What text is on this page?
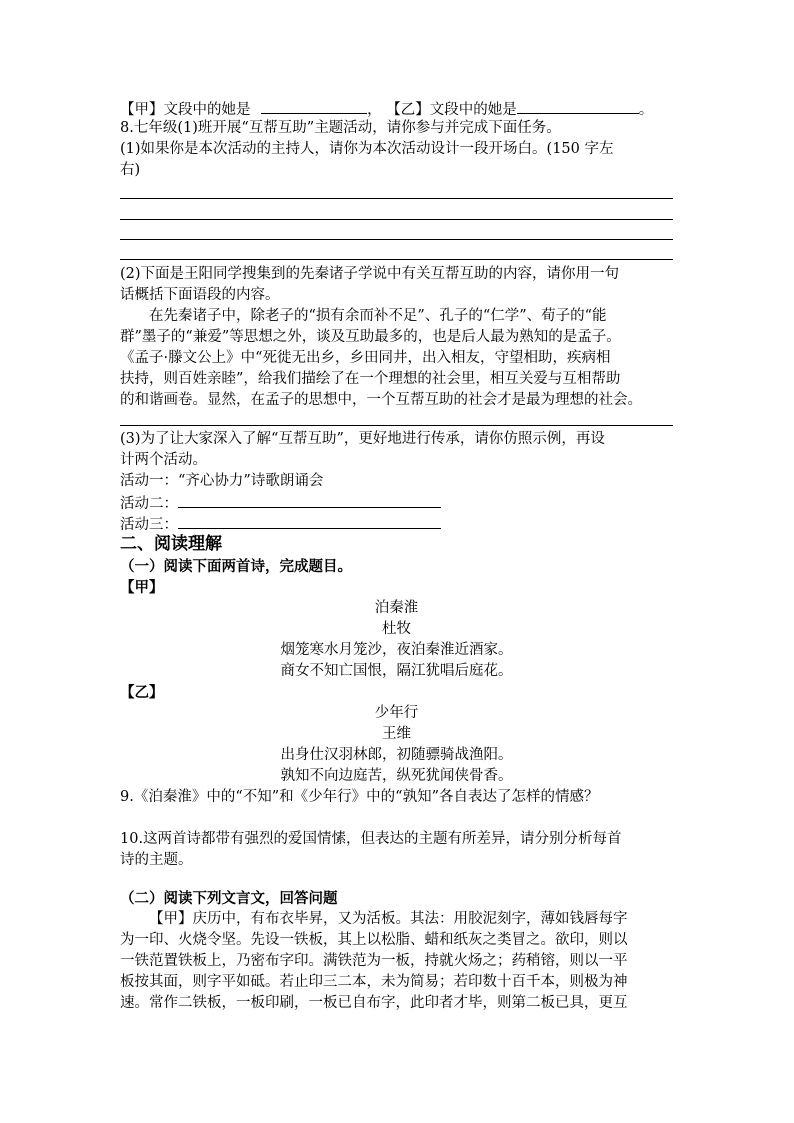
【甲】文段中的她是	， 【乙】文段中的她是	。
8.七年级(1)班开展“互帮互助”主题活动，请你参与并完成下面任务。
(1)如果你是本次活动的主持人，请你为本次活动设计一段开场白。(150 字左
右)
(2)下面是王阳同学搜集到的先秦诸子学说中有关互帮互助的内容，请你用一句
话概括下面语段的内容。
在先秦诸子中，除老子的“损有余而补不足”、孔子的“仁学”、荀子的“能
群”墨子的“兼爱”等思想之外，谈及互助最多的，也是后人最为熟知的是孟子。
《孟子·滕文公上》中“死徙无出乡，乡田同井，出入相友，守望相助，疾病相
扶持，则百姓亲睦”，给我们描绘了在一个理想的社会里，相互关爱与互相帮助
的和谐画卷。显然，在孟子的思想中，一个互帮互助的社会才是最为理想的社会。
(3)为了让大家深入了解“互帮互助”，更好地进行传承，请你仿照示例，再设
计两个活动。
活动一：“齐心协力”诗歌朗诵会
活动二：
活动三：
二、阅读理解
（一）阅读下面两首诗，完成题目。
【甲】
泊秦淮
杜牧
烟笼寒水月笼沙，夜泊秦淮近酒家。
商女不知亡国恨，隔江犹唱后庭花。
【乙】
少年行
王维
出身仕汉羽林郎，初随骠骑战渔阳。
孰知不向边庭苦，纵死犹闻侠骨香。
9.《泊秦淮》中的“不知”和《少年行》中的“孰知”各自表达了怎样的情感？
10.这两首诗都带有强烈的爱国情愫，但表达的主题有所差异，请分别分析每首
诗的主题。
（二）阅读下列文言文，回答问题
【甲】庆历中，有布衣毕昇，又为活板。其法：用胶泥刻字，薄如钱唇每字
为一印、火烧令坚。先设一铁板，其上以松脂、蜡和纸灰之类冒之。欲印，则以
一铁范置铁板上，乃密布字印。满铁范为一板，持就火炀之；药稍镕，则以一平
板按其面，则字平如砥。若止印三二本，未为简易；若印数十百千本，则极为神
速。常作二铁板，一板印刷，一板已自布字，此印者才毕，则第二板已具，更互
